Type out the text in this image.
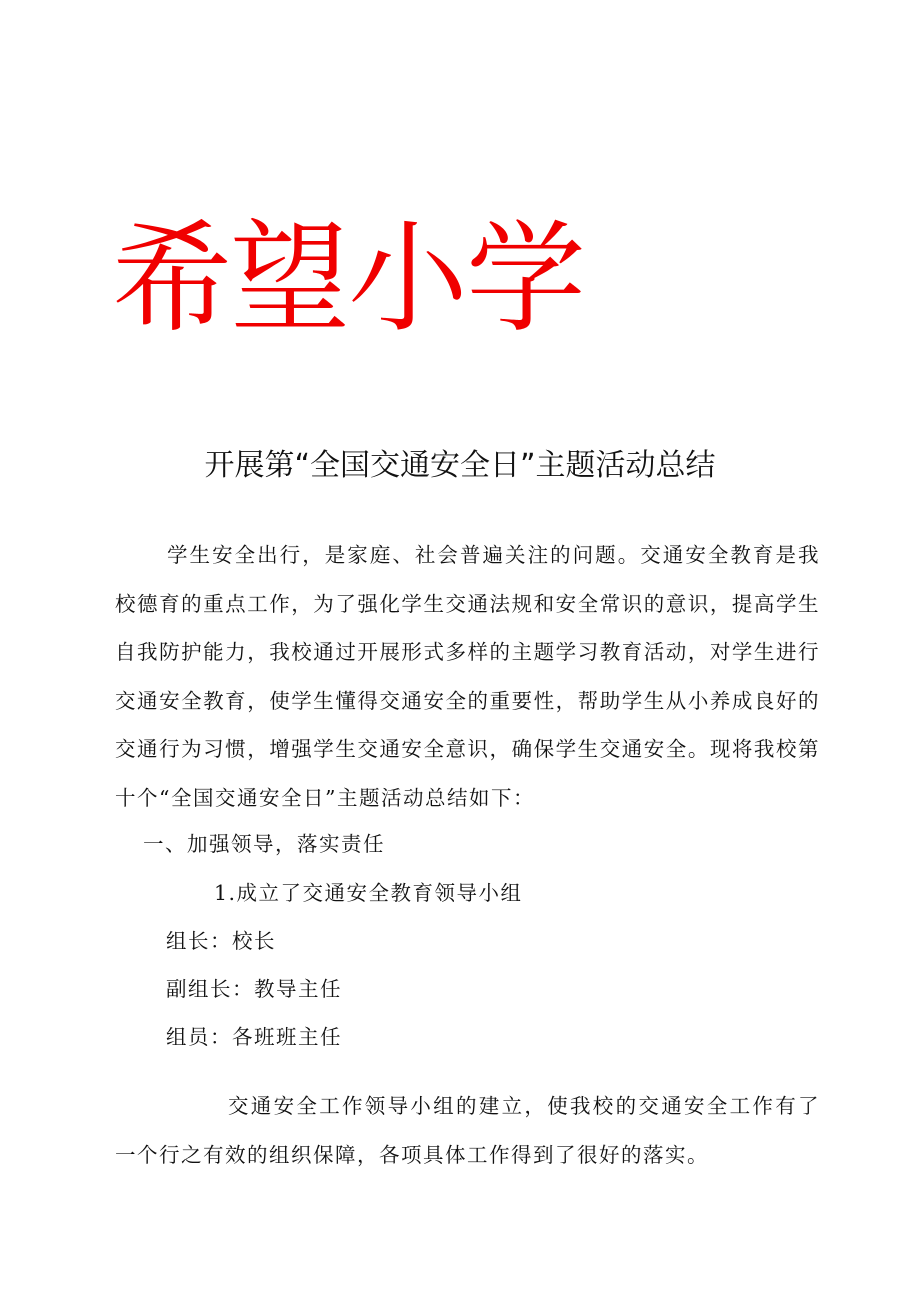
希望小学
开展第“全国交通安全日”主题活动总结
学生安全出行，是家庭、社会普遍关注的问题。交通安全教育是我校德育的重点工作，为了强化学生交通法规和安全常识的意识，提高学生自我防护能力，我校通过开展形式多样的主题学习教育活动，对学生进行交通安全教育，使学生懂得交通安全的重要性，帮助学生从小养成良好的交通行为习惯，增强学生交通安全意识，确保学生交通安全。现将我校第十个“全国交通安全日”主题活动总结如下：
一、加强领导，落实责任
1.成立了交通安全教育领导小组
组长：校长
副组长：教导主任
组员：各班班主任
交通安全工作领导小组的建立，使我校的交通安全工作有了一个行之有效的组织保障，各项具体工作得到了很好的落实。
